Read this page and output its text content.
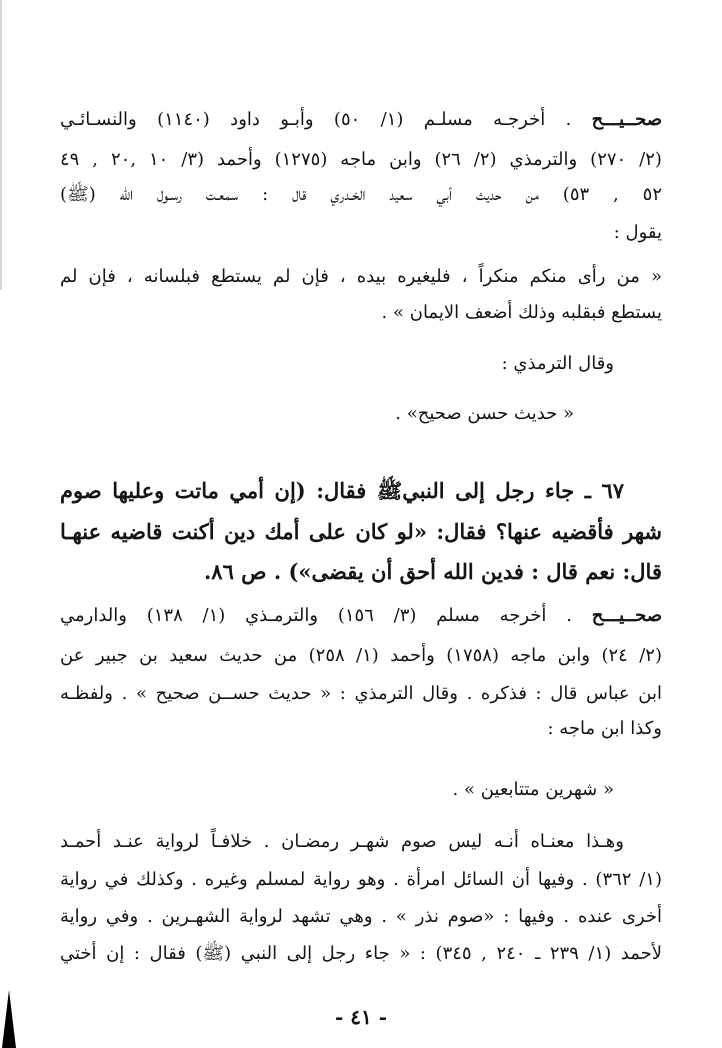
صحــيـــح . أخرجـه مسلـم (١/ ٥٠) وأبـو داود (١١٤٠) والنسـائـي
(٢/ ٢٧٠) والترمذي (٢/ ٢٦) وابن ماجه (١٢٧٥) وأحمد (٣/ ١٠ ,٢٠ , ٤٩
٥٢ , ٥٣) من حديث أبي سعيد الخـدري قال : سمعـت رسـول الله (ﷺ)
يقول :
« من رأى منكم منكراً ، فليغيره بيده ، فإن لم يستطع فبلسانه ، فإن لم
يستطع فبقلبه وذلك أضعف الايمان » .
وقال الترمذي :
« حديث حسن صحيح» .
٦٧ ـ جاء رجل إلى النبيﷺ فقال: (إن أمي ماتت وعليها صوم
شهر فأقضيه عنها؟ فقال: «لو كان على أمك دين أكنت قاضيه عنهـا
قال: نعم قال : فدين الله أحق أن يقضى») . ص ٨٦.
صحــيـــح . أخرجه مسلم (٣/ ١٥٦) والترمـذي (١/ ١٣٨) والدارمي
(٢/ ٢٤) وابن ماجه (١٧٥٨) وأحمد (١/ ٢٥٨) من حديث سعيد بن جبير عن
ابن عباس قال : فذكره . وقال الترمذي : « حديث حســن صحيح » . ولفظـه
وكذا ابن ماجه :
« شهرين متتابعين » .
وهـذا معنـاه أنـه ليس صوم شهـر رمضـان . خلافـاً لرواية عنـد أحمـد
(١/ ٣٦٢) . وفيها أن السائل امرأة . وهو رواية لمسلم وغيره . وكذلك في رواية
أخرى عنده . وفيها : «صوم نذر » . وهي تشهد لرواية الشهـرين . وفي رواية
لأحمد (١/ ٢٣٩ ـ ٢٤٠ , ٣٤٥) : « جاء رجل إلى النبي (ﷺ) فقال : إن أختي
- ٤١ -
